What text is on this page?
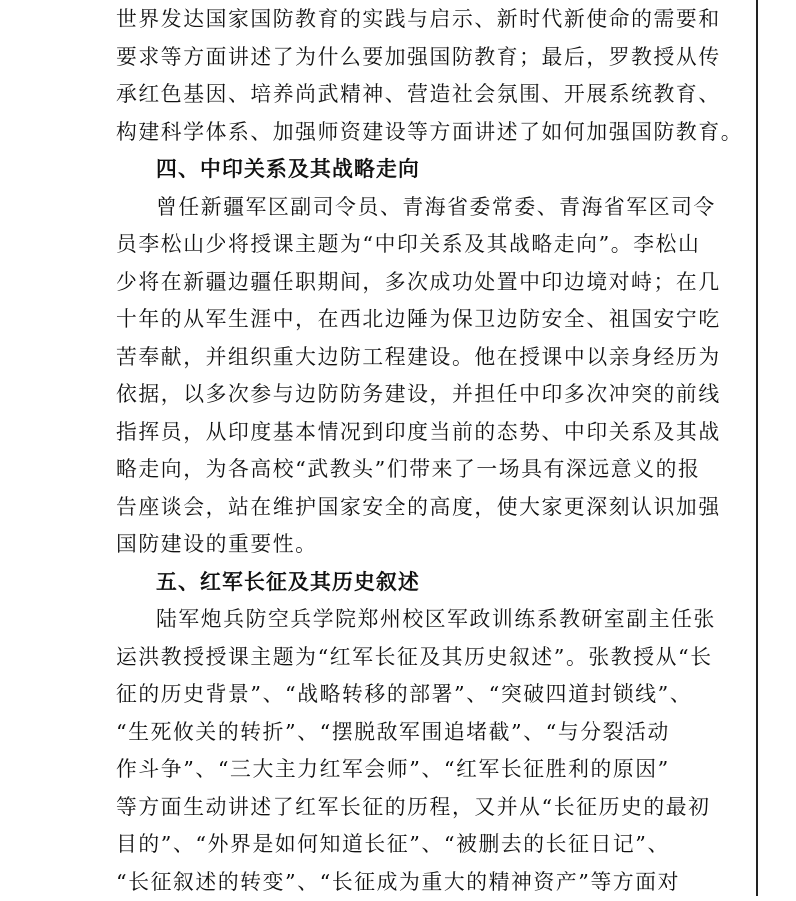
世界发达国家国防教育的实践与启示、新时代新使命的需要和
要求等方面讲述了为什么要加强国防教育；最后，罗教授从传
承红色基因、培养尚武精神、营造社会氛围、开展系统教育、
构建科学体系、加强师资建设等方面讲述了如何加强国防教育。
四、中印关系及其战略走向
曾任新疆军区副司令员、青海省委常委、青海省军区司令
员李松山少将授课主题为“中印关系及其战略走向”。李松山
少将在新疆边疆任职期间，多次成功处置中印边境对峙；在几
十年的从军生涯中，在西北边陲为保卫边防安全、祖国安宁吃
苦奉献，并组织重大边防工程建设。他在授课中以亲身经历为
依据，以多次参与边防防务建设，并担任中印多次冲突的前线
指挥员，从印度基本情况到印度当前的态势、中印关系及其战
略走向，为各高校“武教头”们带来了一场具有深远意义的报
告座谈会，站在维护国家安全的高度，使大家更深刻认识加强
国防建设的重要性。
五、红军长征及其历史叙述
陆军炮兵防空兵学院郑州校区军政训练系教研室副主任张
运洪教授授课主题为“红军长征及其历史叙述”。张教授从“长
征的历史背景”、“战略转移的部署”、“突破四道封锁线”、
“生死攸关的转折”、“摆脱敌军围追堵截”、“与分裂活动
作斗争”、“三大主力红军会师”、“红军长征胜利的原因”
等方面生动讲述了红军长征的历程，又并从“长征历史的最初
目的”、“外界是如何知道长征”、“被删去的长征日记”、
“长征叙述的转变”、“长征成为重大的精神资产”等方面对
